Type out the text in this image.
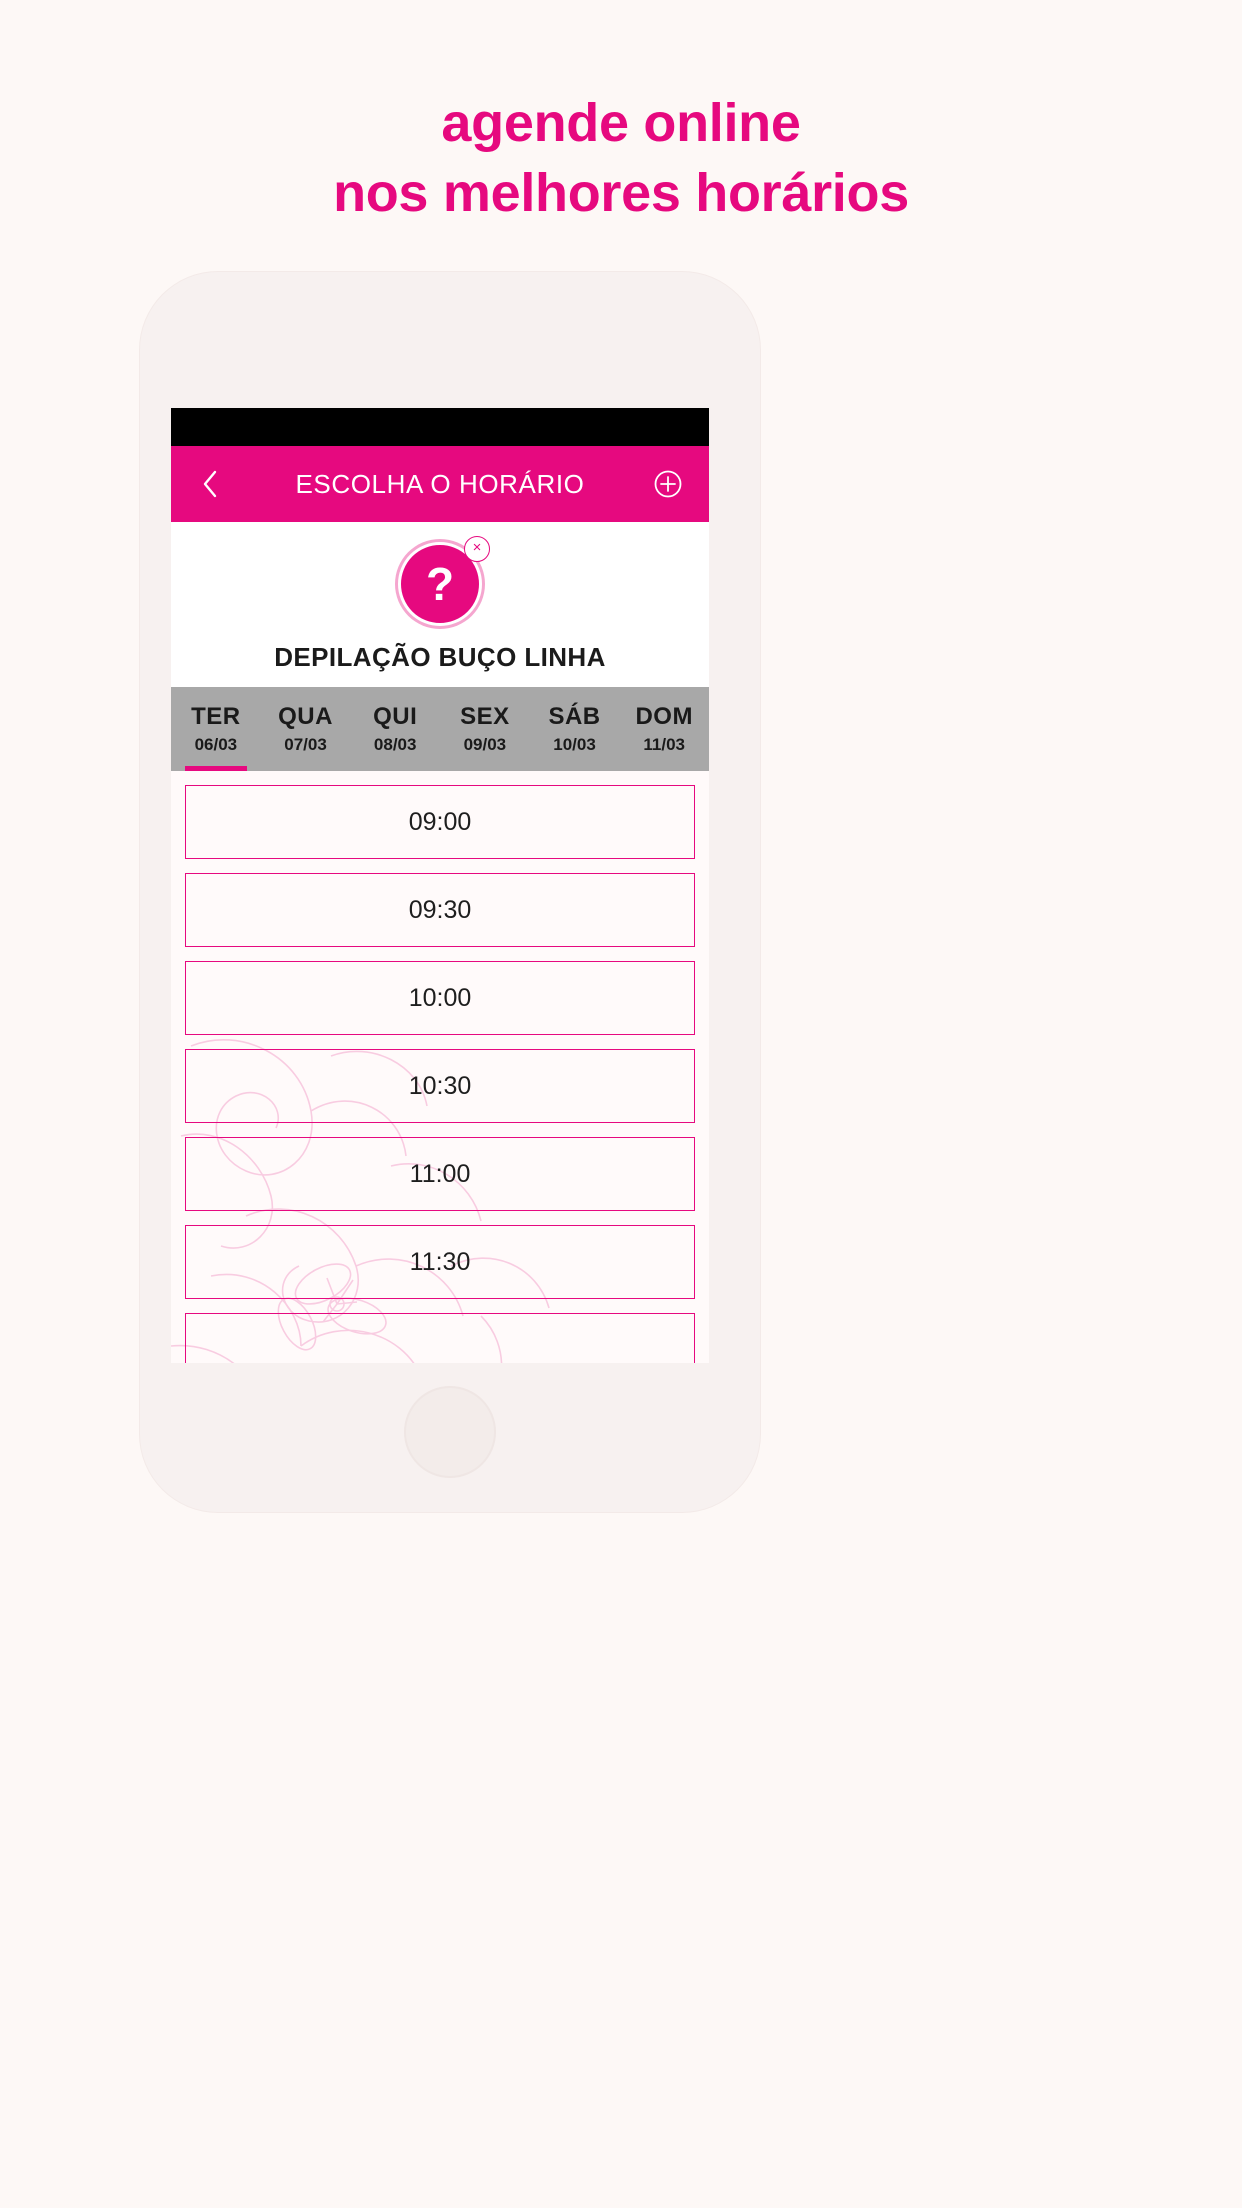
agende online
nos melhores horários
ESCOLHA O HORÁRIO
?
×
DEPILAÇÃO BUÇO LINHA
TER
06/03
QUA
07/03
QUI
08/03
SEX
09/03
SÁB
10/03
DOM
11/03
09:00
09:30
10:00
10:30
11:00
11:30
